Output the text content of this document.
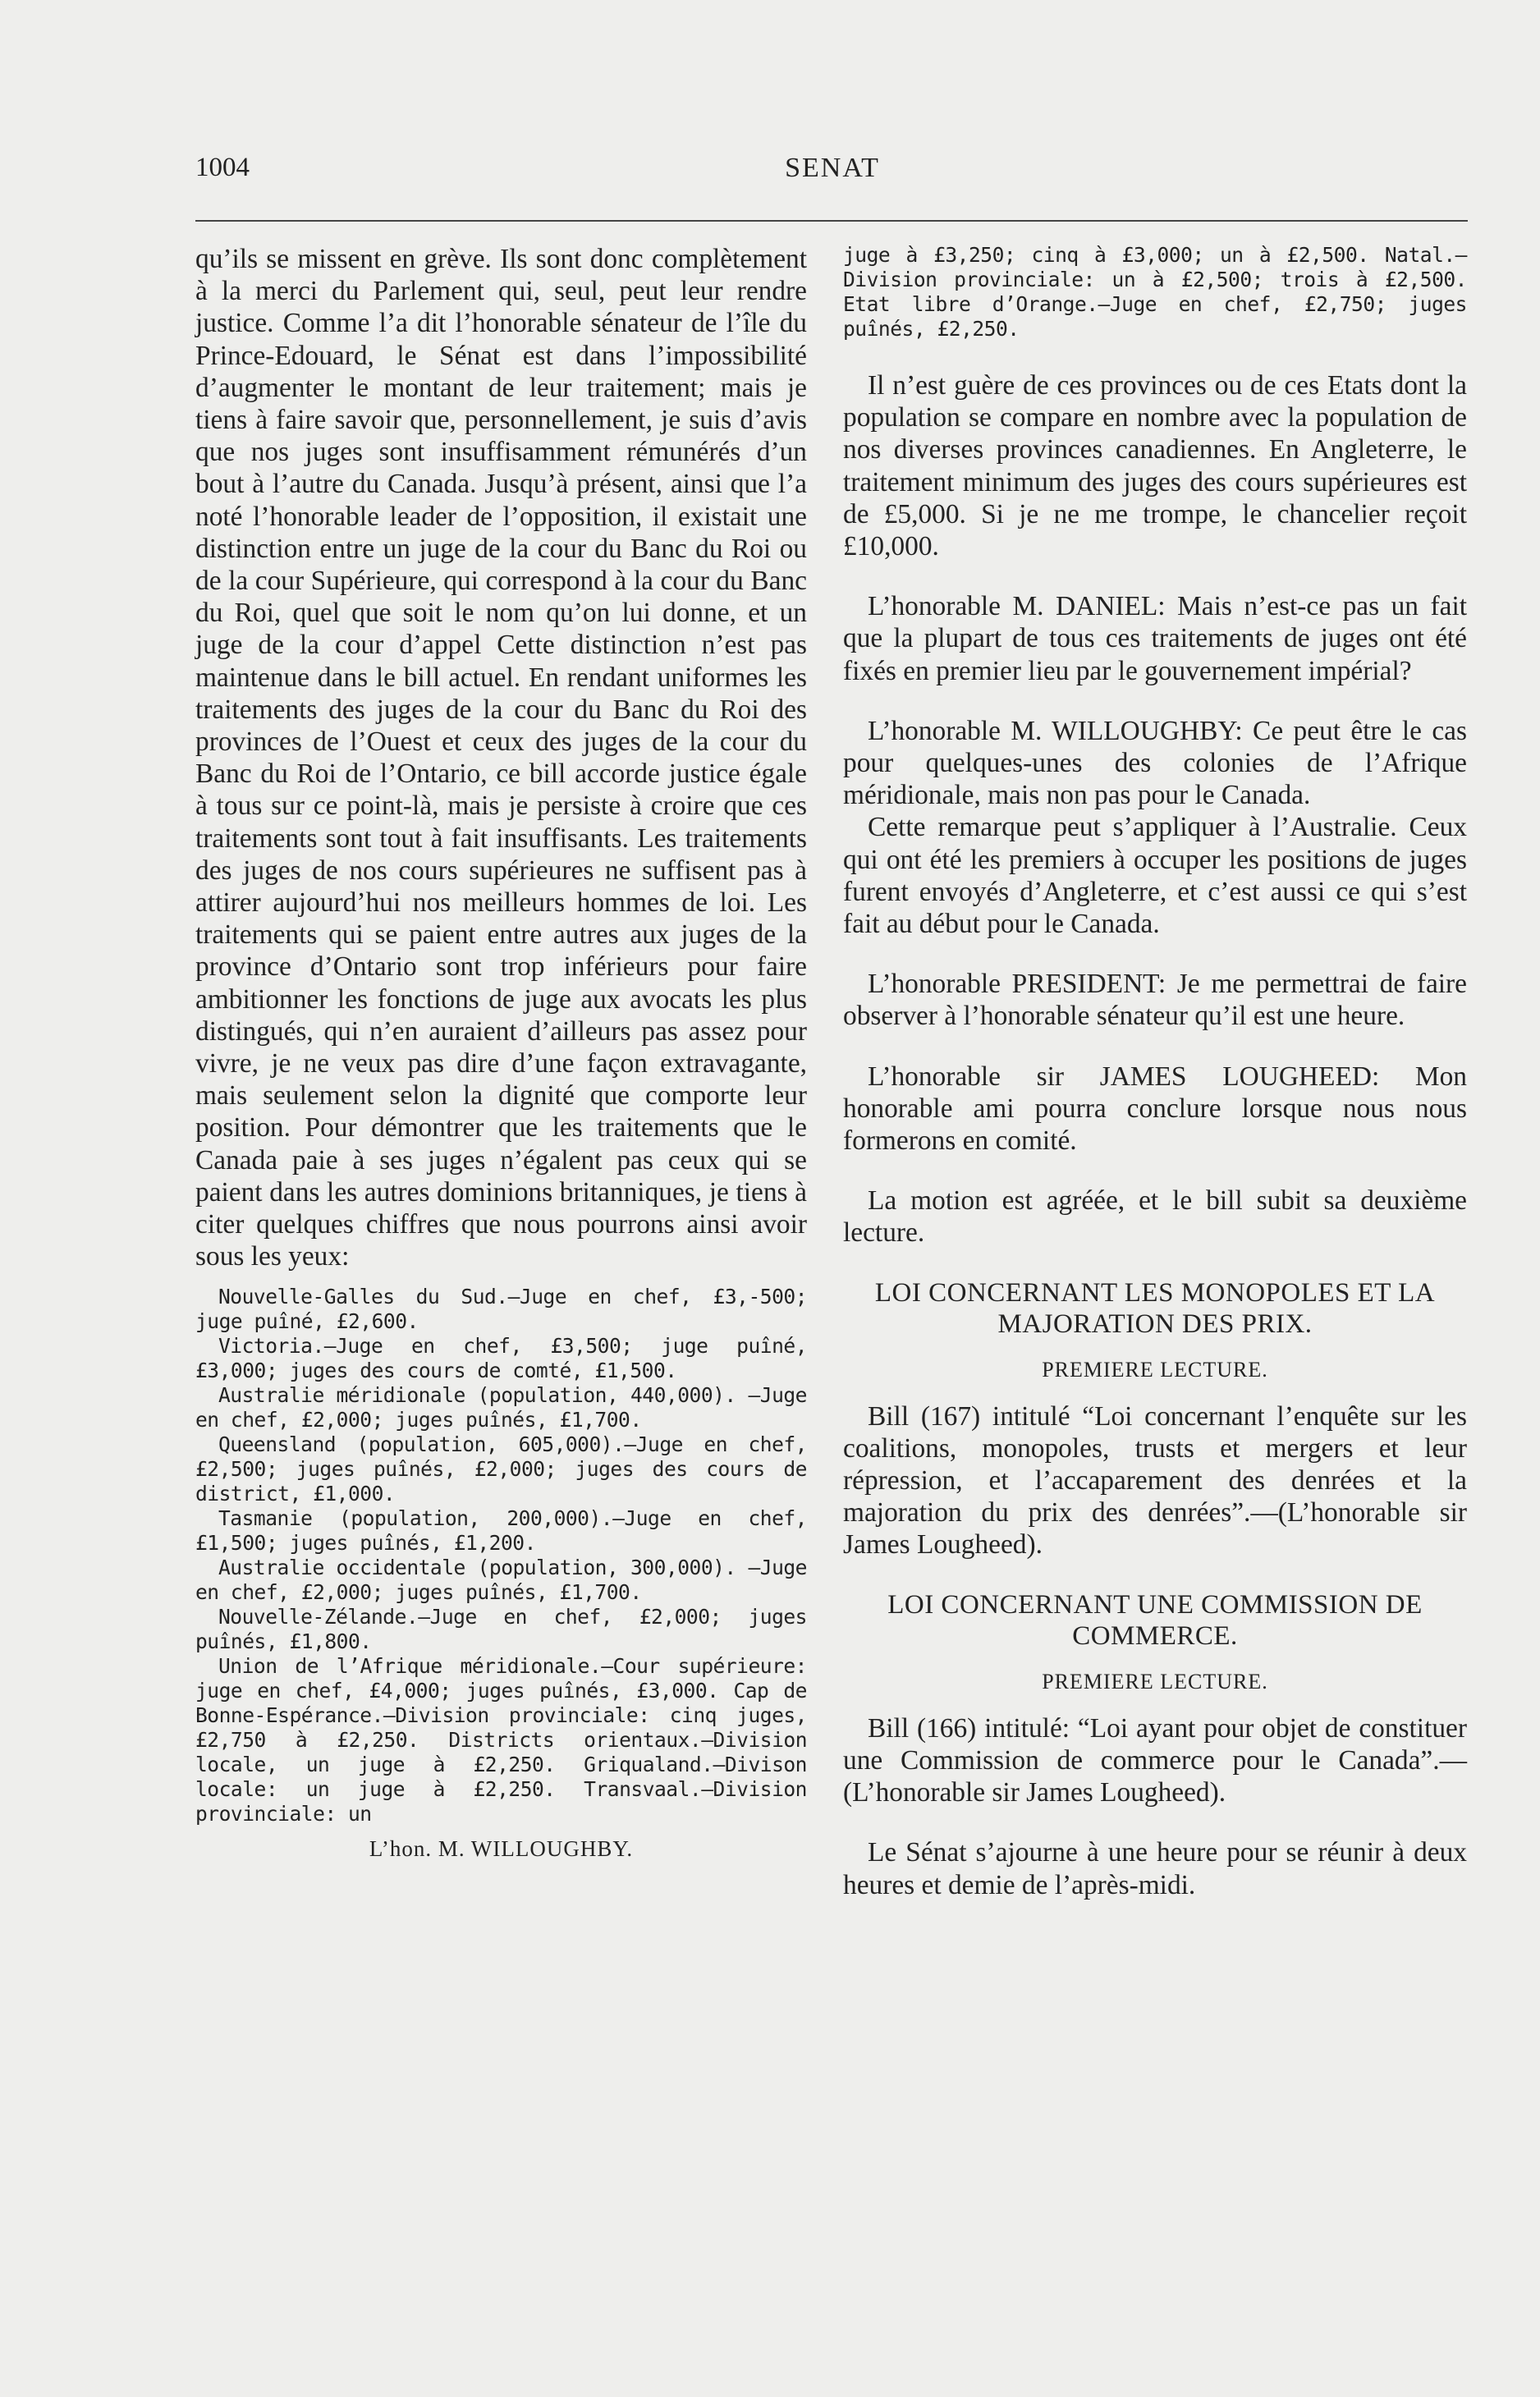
1004	SENAT

qu’ils se missent en grève. Ils sont donc complètement à la merci du Parlement qui, seul, peut leur rendre justice. Comme l’a dit l’honorable sénateur de l’île du Prince-Edouard, le Sénat est dans l’impossibilité d’augmenter le montant de leur traitement; mais je tiens à faire savoir que, personnellement, je suis d’avis que nos juges sont insuffisamment rémunérés d’un bout à l’autre du Canada. Jusqu’à présent, ainsi que l’a noté l’honorable leader de l’opposition, il existait une distinction entre un juge de la cour du Banc du Roi ou de la cour Supérieure, qui correspond à la cour du Banc du Roi, quel que soit le nom qu’on lui donne, et un juge de la cour d’appel Cette distinction n’est pas maintenue dans le bill actuel. En rendant uniformes les traitements des juges de la cour du Banc du Roi des provinces de l’Ouest et ceux des juges de la cour du Banc du Roi de l’Ontario, ce bill accorde justice égale à tous sur ce point-là, mais je persiste à croire que ces traitements sont tout à fait insuffisants. Les traitements des juges de nos cours supérieures ne suffisent pas à attirer aujourd’hui nos meilleurs hommes de loi. Les traitements qui se paient entre autres aux juges de la province d’Ontario sont trop inférieurs pour faire ambitionner les fonctions de juge aux avocats les plus distingués, qui n’en auraient d’ailleurs pas assez pour vivre, je ne veux pas dire d’une façon extravagante, mais seulement selon la dignité que comporte leur position. Pour démontrer que les traitements que le Canada paie à ses juges n’égalent pas ceux qui se paient dans les autres dominions britanniques, je tiens à citer quelques chiffres que nous pourrons ainsi avoir sous les yeux:

Nouvelle-Galles du Sud.—Juge en chef, £3,-500; juge puîné, £2,600.

Victoria.—Juge en chef, £3,500; juge puîné, £3,000; juges des cours de comté, £1,500.

Australie méridionale (population, 440,000). —Juge en chef, £2,000; juges puînés, £1,700.

Queensland (population, 605,000).—Juge en chef, £2,500; juges puînés, £2,000; juges des cours de district, £1,000.

Tasmanie (population, 200,000).—Juge en chef, £1,500; juges puînés, £1,200.

Australie occidentale (population, 300,000). —Juge en chef, £2,000; juges puînés, £1,700.

Nouvelle-Zélande.—Juge en chef, £2,000; juges puînés, £1,800.

Union de l’Afrique méridionale.—Cour supérieure: juge en chef, £4,000; juges puînés, £3,000. Cap de Bonne-Espérance.—Division provinciale: cinq juges, £2,750 à £2,250. Districts orientaux.—Division locale, un juge à £2,250. Griqualand.—Divison locale: un juge à £2,250. Transvaal.—Division provinciale: un

L’hon. M. WILLOUGHBY.

juge à £3,250; cinq à £3,000; un à £2,500. Natal.—Division provinciale: un à £2,500; trois à £2,500. Etat libre d’Orange.—Juge en chef, £2,750; juges puînés, £2,250.

Il n’est guère de ces provinces ou de ces Etats dont la population se compare en nombre avec la population de nos diverses provinces canadiennes. En Angleterre, le traitement minimum des juges des cours supérieures est de £5,000. Si je ne me trompe, le chancelier reçoit £10,000.

L’honorable M. DANIEL: Mais n’est-ce pas un fait que la plupart de tous ces traitements de juges ont été fixés en premier lieu par le gouvernement impérial?

L’honorable M. WILLOUGHBY: Ce peut être le cas pour quelques-unes des colonies de l’Afrique méridionale, mais non pas pour le Canada.

Cette remarque peut s’appliquer à l’Australie. Ceux qui ont été les premiers à occuper les positions de juges furent envoyés d’Angleterre, et c’est aussi ce qui s’est fait au début pour le Canada.

L’honorable PRESIDENT: Je me permettrai de faire observer à l’honorable sénateur qu’il est une heure.

L’honorable sir JAMES LOUGHEED: Mon honorable ami pourra conclure lorsque nous nous formerons en comité.

La motion est agréée, et le bill subit sa deuxième lecture.

LOI CONCERNANT LES MONOPOLES ET LA MAJORATION DES PRIX.

PREMIERE LECTURE.

Bill (167) intitulé “Loi concernant l’enquête sur les coalitions, monopoles, trusts et mergers et leur répression, et l’accaparement des denrées et la majoration du prix des denrées”.—(L’honorable sir James Lougheed).

LOI CONCERNANT UNE COMMISSION DE COMMERCE.

PREMIERE LECTURE.

Bill (166) intitulé: “Loi ayant pour objet de constituer une Commission de commerce pour le Canada”.—(L’honorable sir James Lougheed).

Le Sénat s’ajourne à une heure pour se réunir à deux heures et demie de l’après-midi.
